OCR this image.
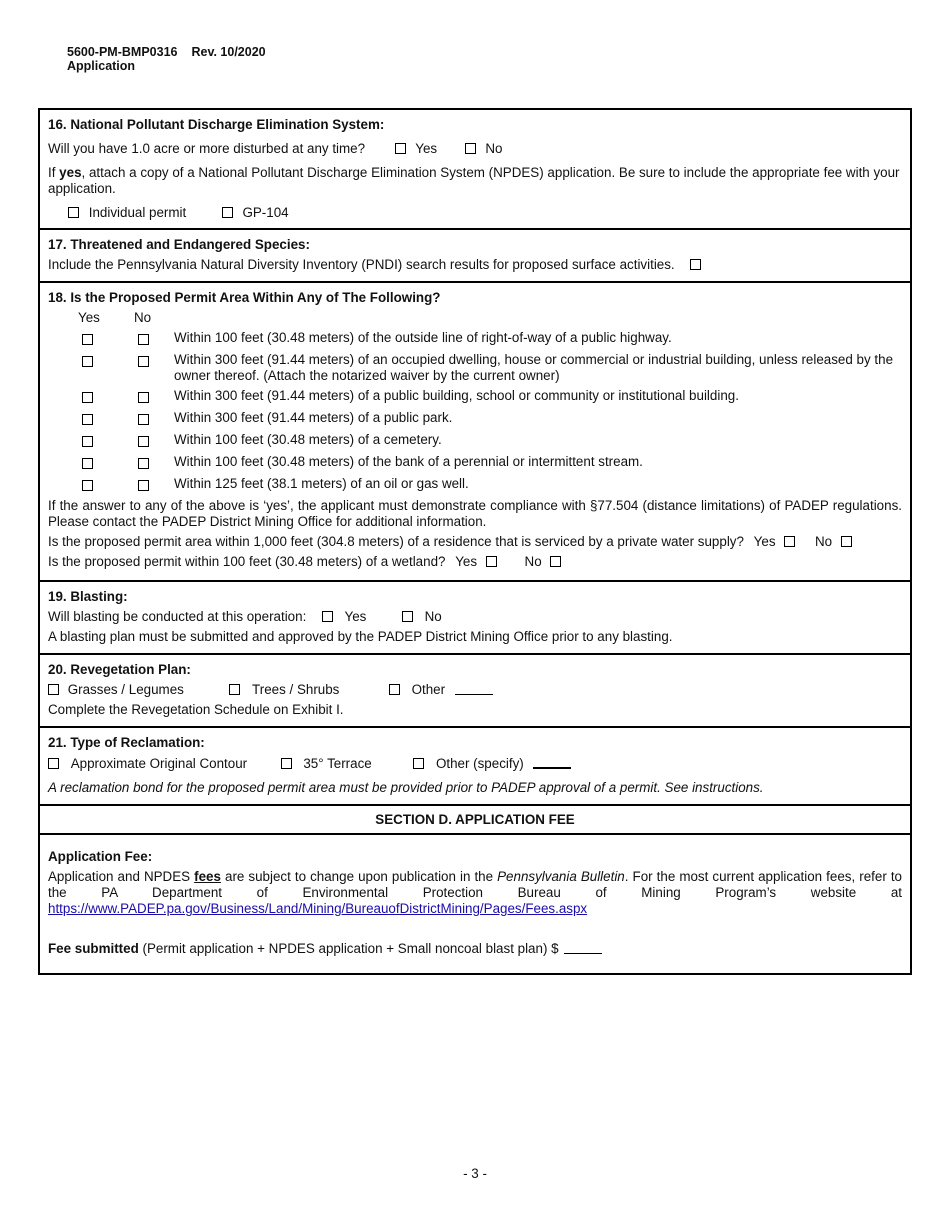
5600-PM-BMP0316 Rev. 10/2020
Application
16. National Pollutant Discharge Elimination System:
Will you have 1.0 acre or more disturbed at any time?	Yes	No
If yes, attach a copy of a National Pollutant Discharge Elimination System (NPDES) application. Be sure to include the appropriate fee with your application.
Individual permit	GP-104
17. Threatened and Endangered Species:
Include the Pennsylvania Natural Diversity Inventory (PNDI) search results for proposed surface activities.
18. Is the Proposed Permit Area Within Any of The Following?
Yes	No
Within 100 feet (30.48 meters) of the outside line of right-of-way of a public highway.
Within 300 feet (91.44 meters) of an occupied dwelling, house or commercial or industrial building, unless released by the owner thereof. (Attach the notarized waiver by the current owner)
Within 300 feet (91.44 meters) of a public building, school or community or institutional building.
Within 300 feet (91.44 meters) of a public park.
Within 100 feet (30.48 meters) of a cemetery.
Within 100 feet (30.48 meters) of the bank of a perennial or intermittent stream.
Within 125 feet (38.1 meters) of an oil or gas well.
If the answer to any of the above is ‘yes’, the applicant must demonstrate compliance with §77.504 (distance limitations) of PADEP regulations. Please contact the PADEP District Mining Office for additional information.
Is the proposed permit area within 1,000 feet (304.8 meters) of a residence that is serviced by a private water supply? Yes	No
Is the proposed permit within 100 feet (30.48 meters) of a wetland? Yes	No
19. Blasting:
Will blasting be conducted at this operation:	Yes	No
A blasting plan must be submitted and approved by the PADEP District Mining Office prior to any blasting.
20. Revegetation Plan:
Grasses / Legumes	Trees / Shrubs	Other
Complete the Revegetation Schedule on Exhibit I.
21. Type of Reclamation:
Approximate Original Contour	35° Terrace	Other (specify)
A reclamation bond for the proposed permit area must be provided prior to PADEP approval of a permit. See instructions.
SECTION D. APPLICATION FEE
Application Fee:
Application and NPDES fees are subject to change upon publication in the Pennsylvania Bulletin. For the most current application fees, refer to the PA Department of Environmental Protection Bureau of Mining Program’s website at https://www.PADEP.pa.gov/Business/Land/Mining/BureauofDistrictMining/Pages/Fees.aspx
Fee submitted (Permit application + NPDES application + Small noncoal blast plan) $
- 3 -
